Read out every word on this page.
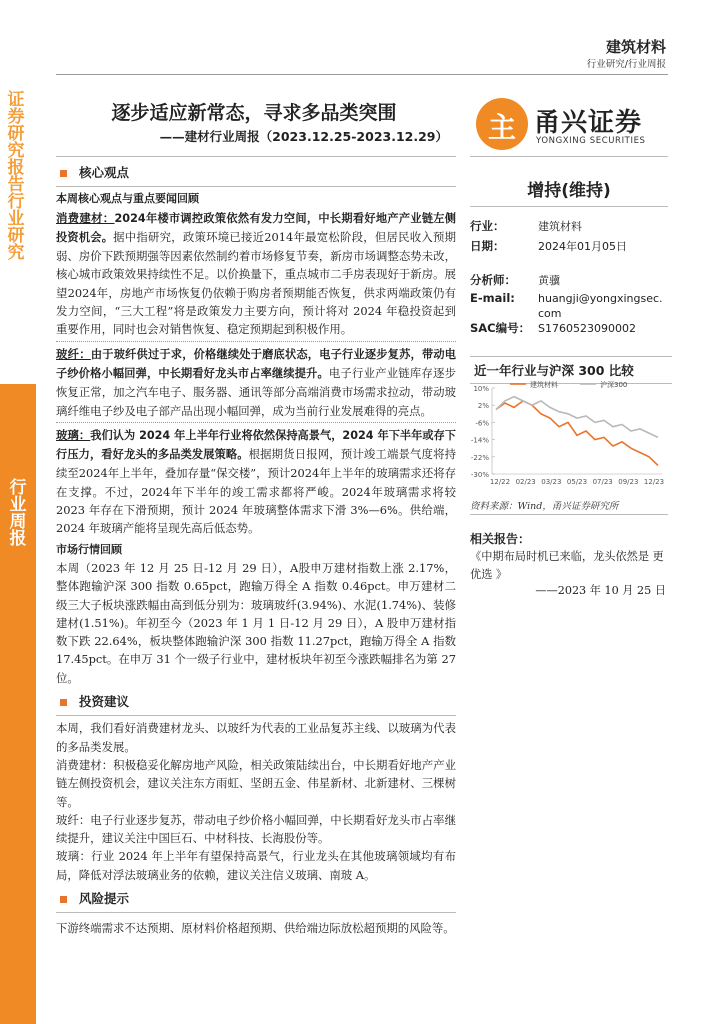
证券研究报告 行业研究
行业周报
建筑材料
行业研究/行业周报
逐步适应新常态，寻求多品类突围
——建材行业周报（2023.12.25-2023.12.29）	主 甬兴证券
YONGXING SECURITIES
核心观点
本周核心观点与重点要闻回顾

消费建材：2024年楼市调控政策依然有发力空间，中长期看好地产产业链左侧投资机会。据中指研究，政策环境已接近2014年最宽松阶段，但居民收入预期弱、房价下跌预期强等因素依然制约着市场修复节奏，新房市场调整态势未改，核心城市政策效果持续性不足。以价换量下，重点城市二手房表现好于新房。展望2024年，房地产市场恢复仍依赖于购房者预期能否恢复，供求两端政策仍有发力空间，“三大工程”将是政策发力主要方向，预计将对 2024 年稳投资起到重要作用，同时也会对销售恢复、稳定预期起到积极作用。

玻纤：由于玻纤供过于求，价格继续处于磨底状态，电子行业逐步复苏，带动电子纱价格小幅回弹，中长期看好龙头市占率继续提升。电子行业产业链库存逐步恢复正常，加之汽车电子、服务器、通讯等部分高端消费市场需求拉动，带动玻璃纤维电子纱及电子部产品出现小幅回弹，成为当前行业发展难得的亮点。

玻璃：我们认为 2024 年上半年行业将依然保持高景气，2024 年下半年或存下行压力，看好龙头的多品类发展策略。根据期货日报网，预计竣工端景气度将持续至2024年上半年，叠加存量“保交楼”，预计2024年上半年的玻璃需求还将存在支撑。不过，2024年下半年的竣工需求都将严峻。2024年玻璃需求将较 2023 年存在下滑预期，预计 2024 年玻璃整体需求下滑 3%—6%。供给端，2024 年玻璃产能将呈现先高后低态势。

市场行情回顾

本周（2023 年 12 月 25 日-12 月 29 日），A股申万建材指数上涨 2.17%，整体跑输沪深 300 指数 0.65pct，跑输万得全 A 指数 0.46pct。申万建材二级三大子板块涨跌幅由高到低分别为：玻璃玻纤(3.94%)、水泥(1.74%)、装修建材(1.51%)。年初至今（2023 年 1 月 1 日-12 月 29 日），A 股申万建材指数下跌 22.64%，板块整体跑输沪深 300 指数 11.27pct，跑输万得全 A 指数 17.45pct。在申万 31 个一级子行业中，建材板块年初至今涨跌幅排名为第 27 位。

投资建议

本周，我们看好消费建材龙头、以玻纤为代表的工业品复苏主线、以玻璃为代表的多品类发展。

消费建材：积极稳妥化解房地产风险，相关政策陆续出台，中长期看好地产产业链左侧投资机会，建议关注东方雨虹、坚朗五金、伟星新材、北新建材、三棵树等。

玻纤：电子行业逐步复苏，带动电子纱价格小幅回弹，中长期看好龙头市占率继续提升，建议关注中国巨石、中材科技、长海股份等。

玻璃：行业 2024 年上半年有望保持高景气，行业龙头在其他玻璃领域均有布局，降低对浮法玻璃业务的依赖，建议关注信义玻璃、南玻 A。

风险提示

下游终端需求不达预期、原材料价格超预期、供给端边际放松超预期的风险等。

增持(维持)
行业：	建筑材料
日期：	2024年01月05日
分析师： 黄骥
E-mail: huangji@yongxingsec.
com
SAC编号： S1760523090002
近一年行业与沪深 300 比较
10%
2%
-6%
-14%
-22%
-30%
12/22 02/23 03/23 05/23 07/23 09/23 12/23
建筑材料	沪深300
资料来源：Wind，甬兴证券研究所
相关报告：
《中期布局时机已来临，龙头依然是 更优选 》
——2023 年 10 月 25 日
